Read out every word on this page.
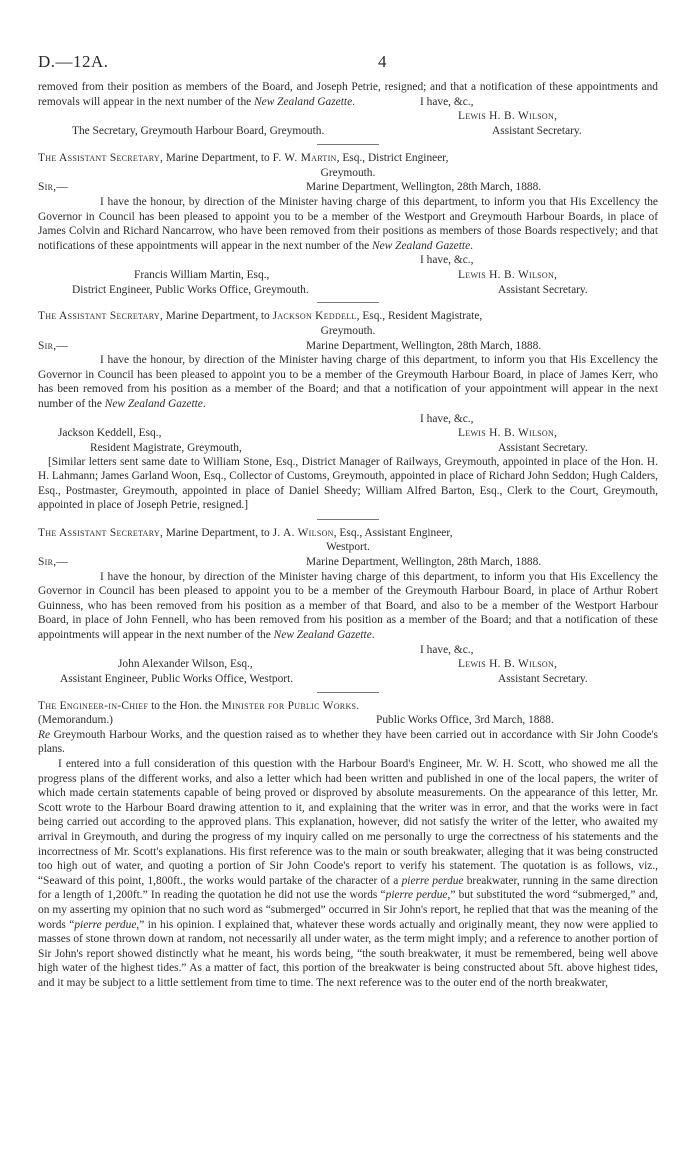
D.—12A.	4

removed from their position as members of the Board, and Joseph Petrie, resigned; and that a notification of these appointments and removals will appear in the next number of the New Zealand Gazette.	I have, &c.,
Lewis H. B. Wilson,
The Secretary, Greymouth Harbour Board, Greymouth.	Assistant Secretary.

The Assistant Secretary, Marine Department, to F. W. Martin, Esq., District Engineer,
Greymouth.

Sir,—	Marine Department, Wellington, 28th March, 1888.

I have the honour, by direction of the Minister having charge of this department, to inform you that His Excellency the Governor in Council has been pleased to appoint you to be a member of the Westport and Greymouth Harbour Boards, in place of James Colvin and Richard Nancarrow, who have been removed from their positions as members of those Boards respectively; and that notifications of these appointments will appear in the next number of the New Zealand Gazette.

I have, &c.,
Francis William Martin, Esq.,	Lewis H. B. Wilson,
District Engineer, Public Works Office, Greymouth.	Assistant Secretary.

The Assistant Secretary, Marine Department, to Jackson Keddell, Esq., Resident Magistrate,
Greymouth.

Sir,—	Marine Department, Wellington, 28th March, 1888.

I have the honour, by direction of the Minister having charge of this department, to inform you that His Excellency the Governor in Council has been pleased to appoint you to be a member of the Greymouth Harbour Board, in place of James Kerr, who has been removed from his position as a member of the Board; and that a notification of your appointment will appear in the next number of the New Zealand Gazette.

I have, &c.,
Jackson Keddell, Esq.,	Lewis H. B. Wilson,
Resident Magistrate, Greymouth,	Assistant Secretary.

[Similar letters sent same date to William Stone, Esq., District Manager of Railways, Greymouth, appointed in place of the Hon. H. H. Lahmann; James Garland Woon, Esq., Collector of Customs, Greymouth, appointed in place of Richard John Seddon; Hugh Calders, Esq., Postmaster, Greymouth, appointed in place of Daniel Sheedy; William Alfred Barton, Esq., Clerk to the Court, Greymouth, appointed in place of Joseph Petrie, resigned.]

The Assistant Secretary, Marine Department, to J. A. Wilson, Esq., Assistant Engineer,
Westport.

Sir,—	Marine Department, Wellington, 28th March, 1888.

I have the honour, by direction of the Minister having charge of this department, to inform you that His Excellency the Governor in Council has been pleased to appoint you to be a member of the Greymouth Harbour Board, in place of Arthur Robert Guinness, who has been removed from his position as a member of that Board, and also to be a member of the Westport Harbour Board, in place of John Fennell, who has been removed from his position as a member of the Board; and that a notification of these appointments will appear in the next number of the New Zealand Gazette.

I have, &c.,
John Alexander Wilson, Esq.,	Lewis H. B. Wilson,
Assistant Engineer, Public Works Office, Westport.	Assistant Secretary.

The Engineer-in-Chief to the Hon. the Minister for Public Works.

(Memorandum.)	Public Works Office, 3rd March, 1888.

Re Greymouth Harbour Works, and the question raised as to whether they have been carried out in accordance with Sir John Coode's plans.

I entered into a full consideration of this question with the Harbour Board's Engineer, Mr. W. H. Scott, who showed me all the progress plans of the different works, and also a letter which had been written and published in one of the local papers, the writer of which made certain statements capable of being proved or disproved by absolute measurements. On the appearance of this letter, Mr. Scott wrote to the Harbour Board drawing attention to it, and explaining that the writer was in error, and that the works were in fact being carried out according to the approved plans. This explanation, however, did not satisfy the writer of the letter, who awaited my arrival in Greymouth, and during the progress of my inquiry called on me personally to urge the correctness of his statements and the incorrectness of Mr. Scott's explanations. His first reference was to the main or south breakwater, alleging that it was being constructed too high out of water, and quoting a portion of Sir John Coode's report to verify his statement. The quotation is as follows, viz., “Seaward of this point, 1,800ft., the works would partake of the character of a pierre perdue breakwater, running in the same direction for a length of 1,200ft.” In reading the quotation he did not use the words “pierre perdue,” but substituted the word “submerged,” and, on my asserting my opinion that no such word as “submerged” occurred in Sir John's report, he replied that that was the meaning of the words “pierre perdue,” in his opinion. I explained that, whatever these words actually and originally meant, they now were applied to masses of stone thrown down at random, not necessarily all under water, as the term might imply; and a reference to another portion of Sir John's report showed distinctly what he meant, his words being, “the south breakwater, it must be remembered, being well above high water of the highest tides.” As a matter of fact, this portion of the breakwater is being constructed about 5ft. above highest tides, and it may be subject to a little settlement from time to time. The next reference was to the outer end of the north breakwater,
